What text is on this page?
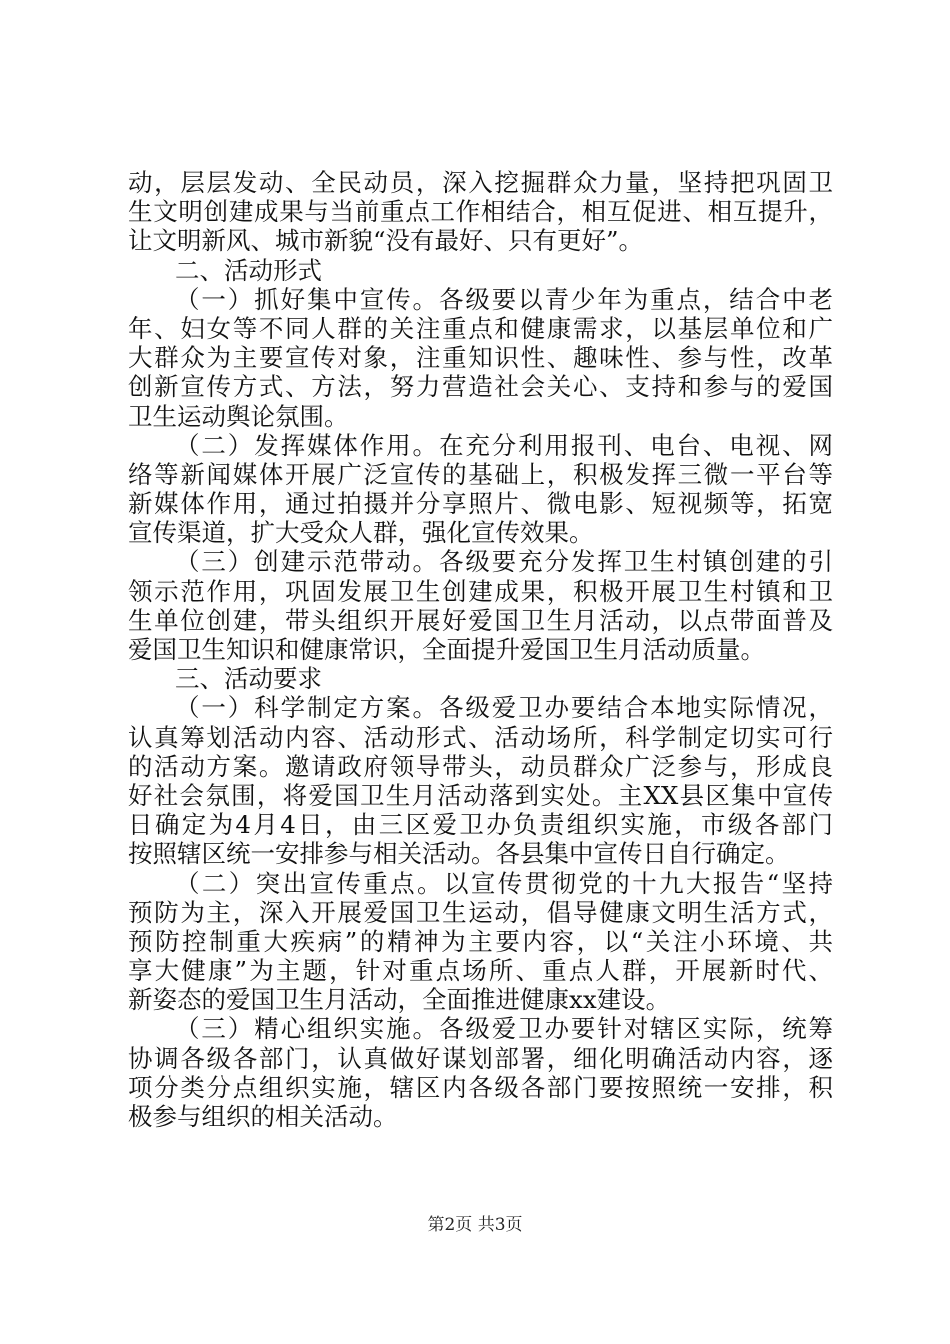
动，层层发动、全民动员，深入挖掘群众力量，坚持把巩固卫
生文明创建成果与当前重点工作相结合，相互促进、相互提升，
让文明新风、城市新貌“没有最好、只有更好”。
二、活动形式
（一）抓好集中宣传。各级要以青少年为重点，结合中老
年、妇女等不同人群的关注重点和健康需求，以基层单位和广
大群众为主要宣传对象，注重知识性、趣味性、参与性，改革
创新宣传方式、方法，努力营造社会关心、支持和参与的爱国
卫生运动舆论氛围。
（二）发挥媒体作用。在充分利用报刊、电台、电视、网
络等新闻媒体开展广泛宣传的基础上，积极发挥三微一平台等
新媒体作用，通过拍摄并分享照片、微电影、短视频等，拓宽
宣传渠道，扩大受众人群，强化宣传效果。
（三）创建示范带动。各级要充分发挥卫生村镇创建的引
领示范作用，巩固发展卫生创建成果，积极开展卫生村镇和卫
生单位创建，带头组织开展好爱国卫生月活动，以点带面普及
爱国卫生知识和健康常识，全面提升爱国卫生月活动质量。
三、活动要求
（一）科学制定方案。各级爱卫办要结合本地实际情况，
认真筹划活动内容、活动形式、活动场所，科学制定切实可行
的活动方案。邀请政府领导带头，动员群众广泛参与，形成良
好社会氛围，将爱国卫生月活动落到实处。主XX县区集中宣传
日确定为4月4日，由三区爱卫办负责组织实施，市级各部门
按照辖区统一安排参与相关活动。各县集中宣传日自行确定。
（二）突出宣传重点。以宣传贯彻党的十九大报告“坚持
预防为主，深入开展爱国卫生运动，倡导健康文明生活方式，
预防控制重大疾病”的精神为主要内容，以“关注小环境、共
享大健康”为主题，针对重点场所、重点人群，开展新时代、
新姿态的爱国卫生月活动，全面推进健康xx建设。
（三）精心组织实施。各级爱卫办要针对辖区实际，统筹
协调各级各部门，认真做好谋划部署，细化明确活动内容，逐
项分类分点组织实施，辖区内各级各部门要按照统一安排，积
极参与组织的相关活动。
第2页 共3页
